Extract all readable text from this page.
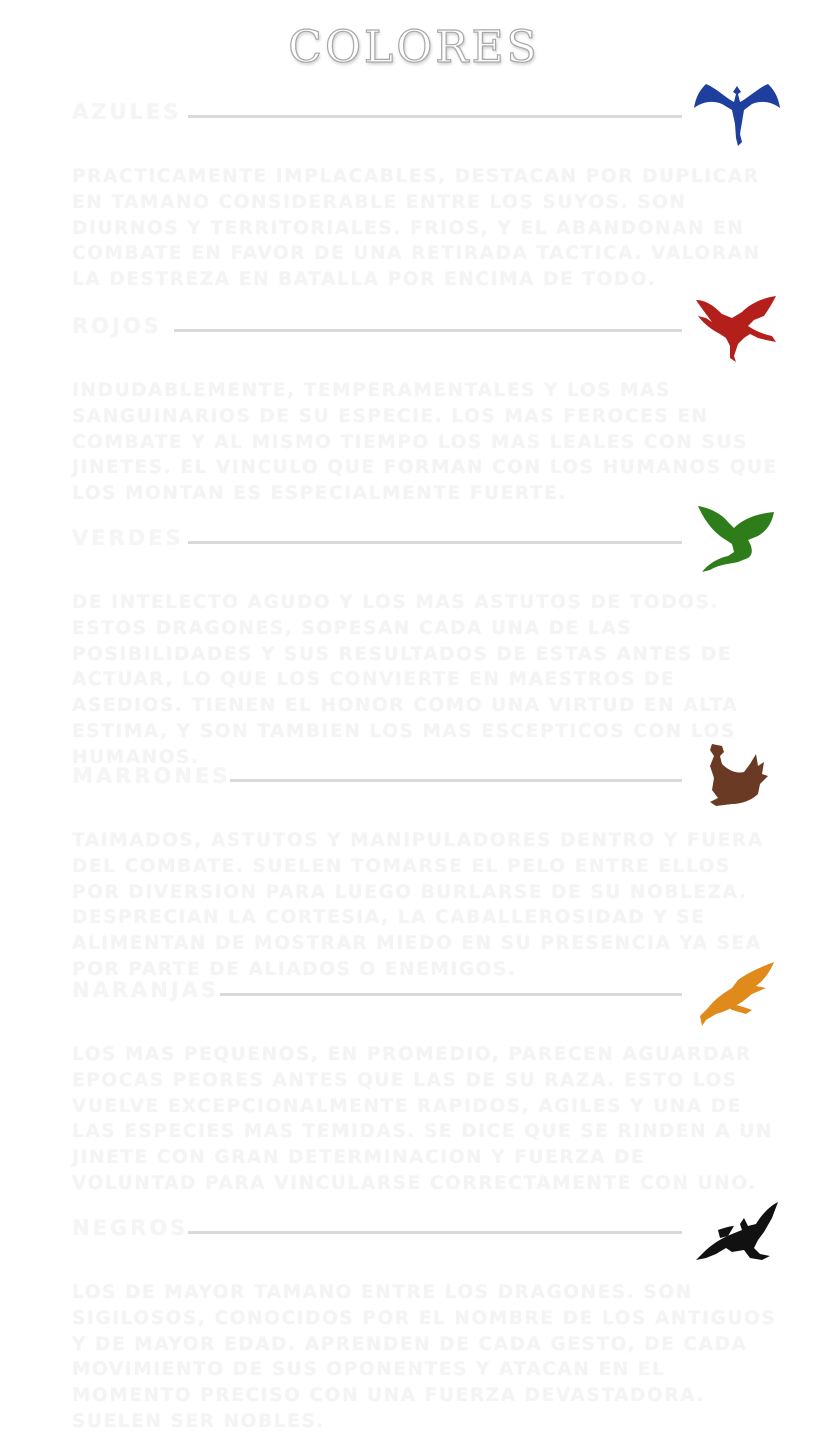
COLORES
AZULES

PRACTICAMENTE IMPLACABLES, DESTACAN POR DUPLICAR EN TAMANO CONSIDERABLE ENTRE LOS SUYOS. SON DIURNOS Y TERRITORIALES. FRIOS, Y EL ABANDONAN EN COMBATE EN FAVOR DE UNA RETIRADA TACTICA. VALORAN LA DESTREZA EN BATALLA POR ENCIMA DE TODO.

ROJOS

INDUDABLEMENTE, TEMPERAMENTALES Y LOS MAS SANGUINARIOS DE SU ESPECIE. LOS MAS FEROCES EN COMBATE Y AL MISMO TIEMPO LOS MAS LEALES CON SUS JINETES. EL VINCULO QUE FORMAN CON LOS HUMANOS QUE LOS MONTAN ES ESPECIALMENTE FUERTE.

VERDES

DE INTELECTO AGUDO Y LOS MAS ASTUTOS DE TODOS. ESTOS DRAGONES, SOPESAN CADA UNA DE LAS POSIBILIDADES Y SUS RESULTADOS DE ESTAS ANTES DE ACTUAR, LO QUE LOS CONVIERTE EN MAESTROS DE ASEDIOS. TIENEN EL HONOR COMO UNA VIRTUD EN ALTA ESTIMA, Y SON TAMBIEN LOS MAS ESCEPTICOS CON LOS HUMANOS.

MARRONES

TAIMADOS, ASTUTOS Y MANIPULADORES DENTRO Y FUERA DEL COMBATE. SUELEN TOMARSE EL PELO ENTRE ELLOS POR DIVERSION PARA LUEGO BURLARSE DE SU NOBLEZA. DESPRECIAN LA CORTESIA, LA CABALLEROSIDAD Y SE ALIMENTAN DE MOSTRAR MIEDO EN SU PRESENCIA YA SEA POR PARTE DE ALIADOS O ENEMIGOS.

NARANJAS

LOS MAS PEQUENOS, EN PROMEDIO, PARECEN AGUARDAR EPOCAS PEORES ANTES QUE LAS DE SU RAZA. ESTO LOS VUELVE EXCEPCIONALMENTE RAPIDOS, AGILES Y UNA DE LAS ESPECIES MAS TEMIDAS. SE DICE QUE SE RINDEN A UN JINETE CON GRAN DETERMINACION Y FUERZA DE VOLUNTAD PARA VINCULARSE CORRECTAMENTE CON UNO.

NEGROS

LOS DE MAYOR TAMANO ENTRE LOS DRAGONES. SON SIGILOSOS, CONOCIDOS POR EL NOMBRE DE LOS ANTIGUOS Y DE MAYOR EDAD. APRENDEN DE CADA GESTO, DE CADA MOVIMIENTO DE SUS OPONENTES Y ATACAN EN EL MOMENTO PRECISO CON UNA FUERZA DEVASTADORA. SUELEN SER NOBLES.
